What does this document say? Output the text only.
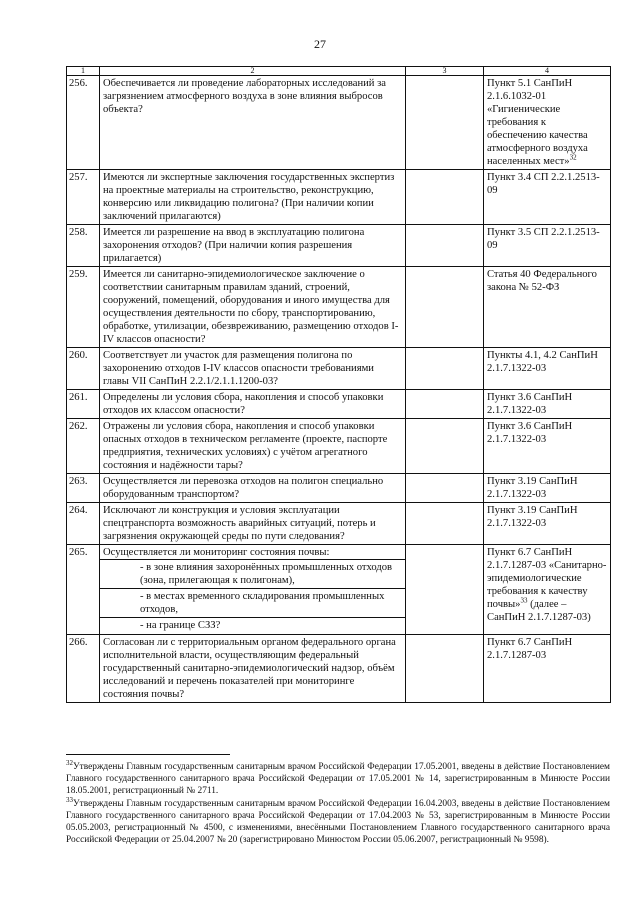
27
1	2	3	4
256.	Обеспечивается ли проведение лабораторных исследований за загрязнением атмосферного воздуха в зоне влияния выбросов объекта?		Пункт 5.1 СанПиН 2.1.6.1032-01 «Гигиенические требования к обеспечению качества атмосферного воздуха населенных мест»$^{32}$
257.	Имеются ли экспертные заключения государственных экспертиз на проектные материалы на строительство, реконструкцию, конверсию или ликвидацию полигона? (При наличии копии заключений прилагаются)		Пункт 3.4 СП 2.2.1.2513-09
258.	Имеется ли разрешение на ввод в эксплуатацию полигона захоронения отходов? (При наличии копия разрешения прилагается)		Пункт 3.5 СП 2.2.1.2513-09
259.	Имеется ли санитарно-эпидемиологическое заключение о соответствии санитарным правилам зданий, строений, сооружений, помещений, оборудования и иного имущества для осуществления деятельности по сбору, транспортированию, обработке, утилизации, обезвреживанию, размещению отходов I-IV классов опасности?		Статья 40 Федерального закона № 52-ФЗ
260.	Соответствует ли участок для размещения полигона по захоронению отходов I-IV классов опасности требованиями главы VII СанПиН 2.2.1/2.1.1.1200-03?		Пункты 4.1, 4.2 СанПиН 2.1.7.1322-03
261.	Определены ли условия сбора, накопления и способ упаковки отходов их классом опасности?		Пункт 3.6 СанПиН 2.1.7.1322-03
262.	Отражены ли условия сбора, накопления и способ упаковки опасных отходов в техническом регламенте (проекте, паспорте предприятия, технических условиях) с учётом агрегатного состояния и надёжности тары?		Пункт 3.6 СанПиН 2.1.7.1322-03
263.	Осуществляется ли перевозка отходов на полигон специально оборудованным транспортом?		Пункт 3.19 СанПиН 2.1.7.1322-03
264.	Исключают ли конструкция и условия эксплуатации спецтранспорта возможность аварийных ситуаций, потерь и загрязнения окружающей среды по пути следования?		Пункт 3.19 СанПиН 2.1.7.1322-03
265.	Осуществляется ли мониторинг состояния почвы:
- в зоне влияния захоронённых промышленных отходов (зона, прилегающая к полигонам),
- в местах временного складирования промышленных отходов,
- на границе СЗЗ?		Пункт 6.7 СанПиН 2.1.7.1287-03 «Санитарно-эпидемиологические требования к качеству почвы»$^{33}$ (далее – СанПиН 2.1.7.1287-03)
266.	Согласован ли с территориальным органом федерального органа исполнительной власти, осуществляющим федеральный государственный санитарно-эпидемиологический надзор, объём исследований и перечень показателей при мониторинге состояния почвы?		Пункт 6.7 СанПиН 2.1.7.1287-03

$^{32}$Утверждены Главным государственным санитарным врачом Российской Федерации 17.05.2001, введены в действие Постановлением Главного государственного санитарного врача Российской Федерации от 17.05.2001 № 14, зарегистрированным в Минюсте России 18.05.2001, регистрационный № 2711.

$^{33}$Утверждены Главным государственным санитарным врачом Российской Федерации 16.04.2003, введены в действие Постановлением Главного государственного санитарного врача Российской Федерации от 17.04.2003 № 53, зарегистрированным в Минюсте России 05.05.2003, регистрационный № 4500, с изменениями, внесёнными Постановлением Главного государственного санитарного врача Российской Федерации от 25.04.2007 № 20 (зарегистрировано Минюстом России 05.06.2007, регистрационный № 9598).
